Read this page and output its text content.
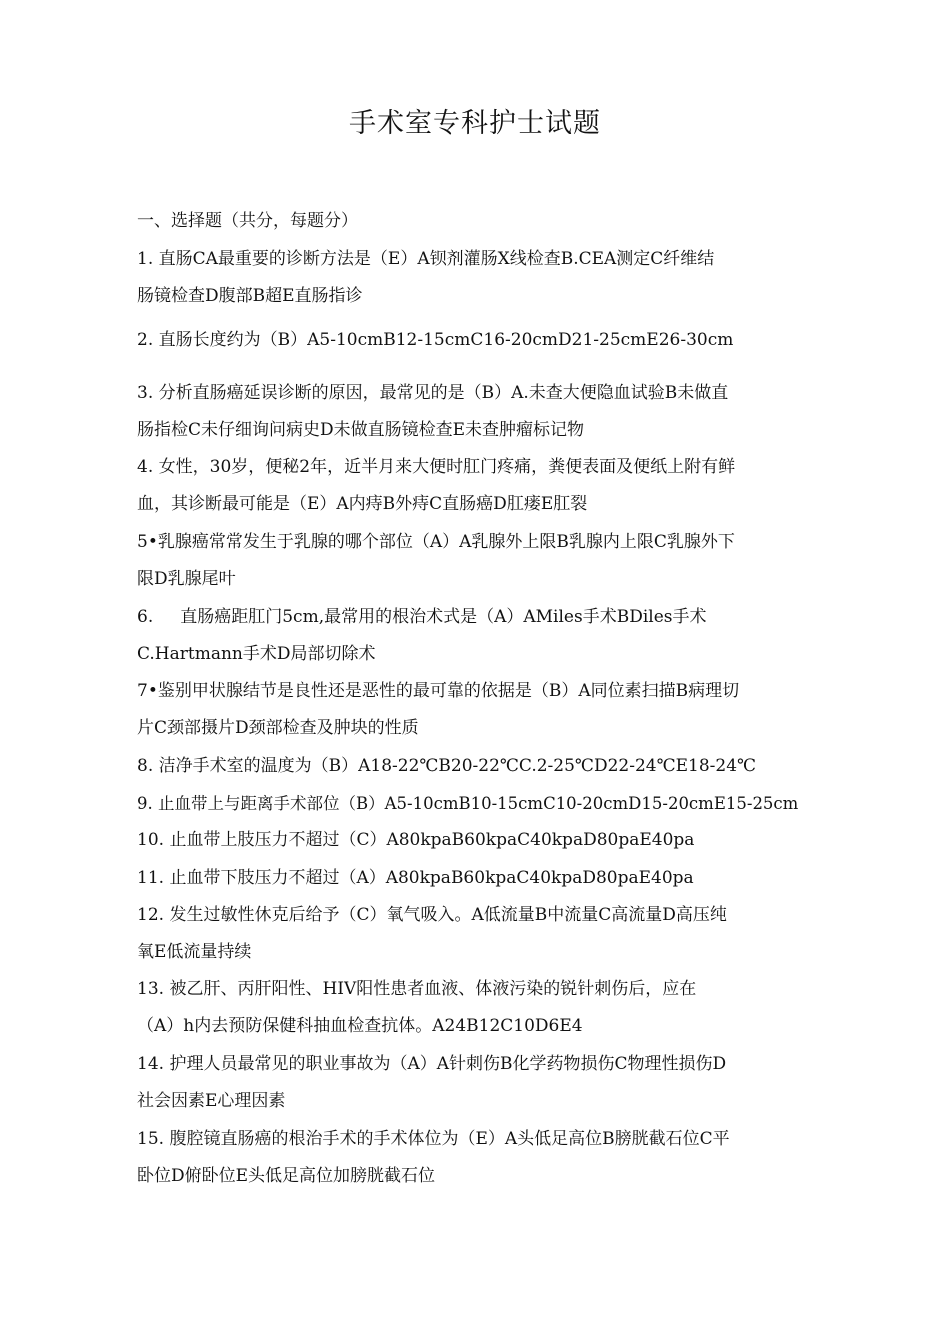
手术室专科护士试题
一、选择题（共分，每题分）
1. 直肠CA最重要的诊断方法是（E）A钡剂灌肠X线检查B.CEA测定C纤维结
肠镜检查D腹部B超E直肠指诊
2. 直肠长度约为（B）A5-10cmB12-15cmC16-20cmD21-25cmE26-30cm
3. 分析直肠癌延误诊断的原因，最常见的是（B）A.未查大便隐血试验B未做直
肠指检C未仔细询问病史D未做直肠镜检查E未查肿瘤标记物
4. 女性，30岁，便秘2年，近半月来大便时肛门疼痛，粪便表面及便纸上附有鲜
血，其诊断最可能是（E）A内痔B外痔C直肠癌D肛瘘E肛裂
5•乳腺癌常常发生于乳腺的哪个部位（A）A乳腺外上限B乳腺内上限C乳腺外下
限D乳腺尾叶
6.     直肠癌距肛门5cm,最常用的根治术式是（A）AMiles手术BDiles手术
C.Hartmann手术D局部切除术
7•鉴别甲状腺结节是良性还是恶性的最可靠的依据是（B）A同位素扫描B病理切
片C颈部摄片D颈部检查及肿块的性质
8. 洁净手术室的温度为（B）A18-22℃B20-22℃C.2-25℃D22-24℃E18-24℃
9. 止血带上与距离手术部位（B）A5-10cmB10-15cmC10-20cmD15-20cmE15-25cm
10. 止血带上肢压力不超过（C）A80kpaB60kpaC40kpaD80paE40pa
11. 止血带下肢压力不超过（A）A80kpaB60kpaC40kpaD80paE40pa
12. 发生过敏性休克后给予（C）氧气吸入。A低流量B中流量C高流量D高压纯
氧E低流量持续
13. 被乙肝、丙肝阳性、HIV阳性患者血液、体液污染的锐针刺伤后，应在
（A）h内去预防保健科抽血检查抗体。A24B12C10D6E4
14. 护理人员最常见的职业事故为（A）A针刺伤B化学药物损伤C物理性损伤D
社会因素E心理因素
15. 腹腔镜直肠癌的根治手术的手术体位为（E）A头低足高位B膀胱截石位C平
卧位D俯卧位E头低足高位加膀胱截石位
